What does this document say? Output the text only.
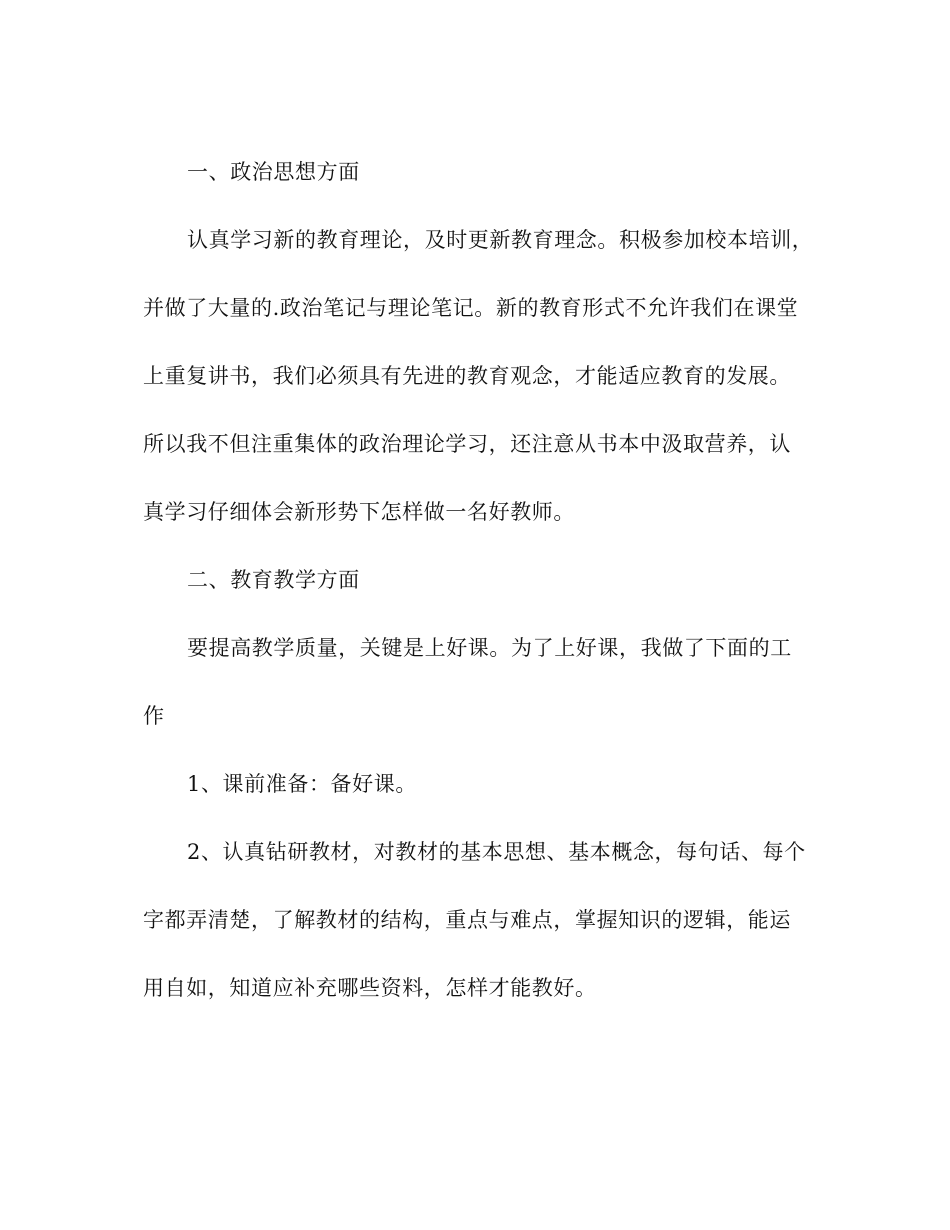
一、政治思想方面
认真学习新的教育理论，及时更新教育理念。积极参加校本培训，
并做了大量的.政治笔记与理论笔记。新的教育形式不允许我们在课堂
上重复讲书，我们必须具有先进的教育观念，才能适应教育的发展。
所以我不但注重集体的政治理论学习，还注意从书本中汲取营养，认
真学习仔细体会新形势下怎样做一名好教师。
二、教育教学方面
要提高教学质量，关键是上好课。为了上好课，我做了下面的工
作
1、课前准备：备好课。
2、认真钻研教材，对教材的基本思想、基本概念，每句话、每个
字都弄清楚，了解教材的结构，重点与难点，掌握知识的逻辑，能运
用自如，知道应补充哪些资料，怎样才能教好。
